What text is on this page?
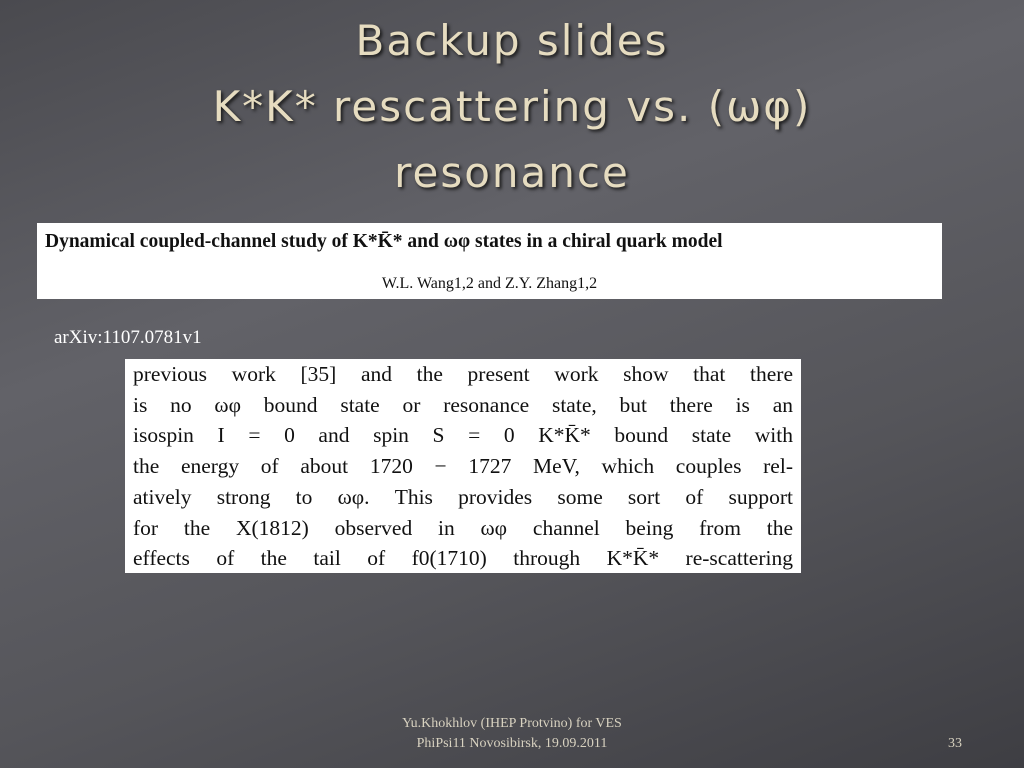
Backup slides
K*K* rescattering vs. (ωφ)
resonance
Dynamical coupled-channel study of K*K̄* and ωφ states in a chiral quark model
W.L. Wang1,2 and Z.Y. Zhang1,2
arXiv:1107.0781v1
previous work [35] and the present work show that there
is no ωφ bound state or resonance state, but there is an
isospin I = 0 and spin S = 0 K*K̄* bound state with
the energy of about 1720 − 1727 MeV, which couples rel-
atively strong to ωφ. This provides some sort of support
for the X(1812) observed in ωφ channel being from the
effects of the tail of f0(1710) through K*K̄* re-scattering
Yu.Khokhlov (IHEP Protvino) for VES
PhiPsi11 Novosibirsk, 19.09.2011	33
